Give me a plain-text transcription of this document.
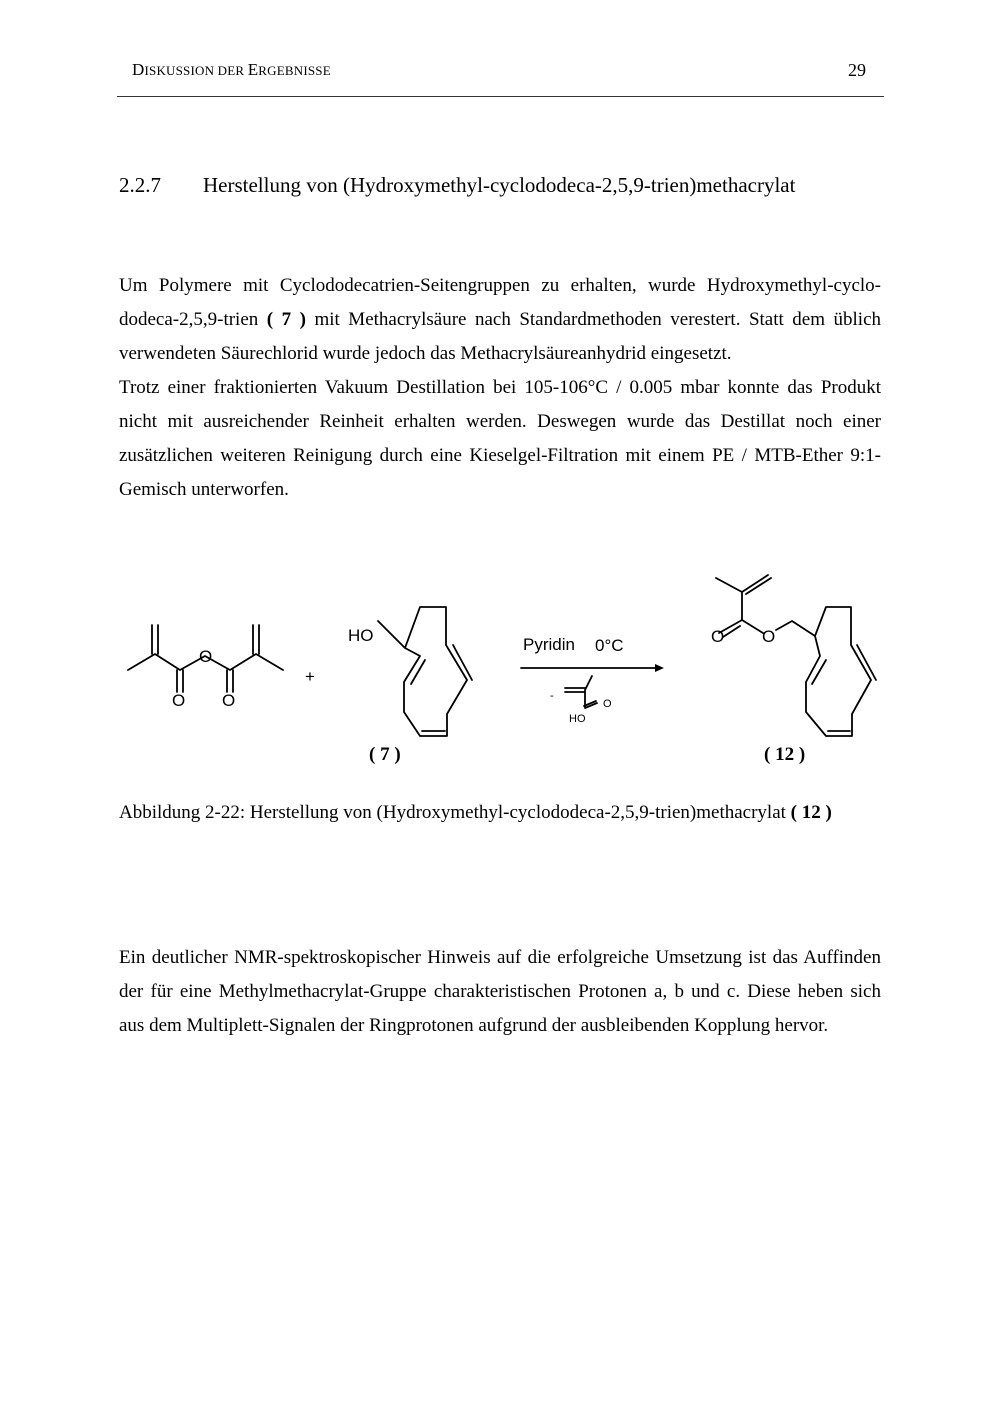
DISKUSSION DER ERGEBNISSE	29
2.2.7 Herstellung von (Hydroxymethyl-cyclododeca-2,5,9-trien)methacrylat
Um Polymere mit Cyclododecatrien-Seitengruppen zu erhalten, wurde Hydroxymethyl-cyclo- dodeca-2,5,9-trien ( 7 ) mit Methacrylsäure nach Standardmethoden verestert. Statt dem üblich verwendeten Säurechlorid wurde jedoch das Methacrylsäureanhydrid eingesetzt.
Trotz einer fraktionierten Vakuum Destillation bei 105-106°C / 0.005 mbar konnte das Produkt nicht mit ausreichender Reinheit erhalten werden. Deswegen wurde das Destillat noch einer zusätzlichen weiteren Reinigung durch eine Kieselgel-Filtration mit einem PE / MTB-Ether 9:1-Gemisch unterworfen.
+
O
O O
HO	Pyridin 0°C	O O
-
O
HO
( 7 )	( 12 )
Abbildung 2-22: Herstellung von (Hydroxymethyl-cyclododeca-2,5,9-trien)methacrylat ( 12 )
Ein deutlicher NMR-spektroskopischer Hinweis auf die erfolgreiche Umsetzung ist das Auffinden der für eine Methylmethacrylat-Gruppe charakteristischen Protonen a, b und c. Diese heben sich aus dem Multiplett-Signalen der Ringprotonen aufgrund der ausbleibenden Kopplung hervor.
